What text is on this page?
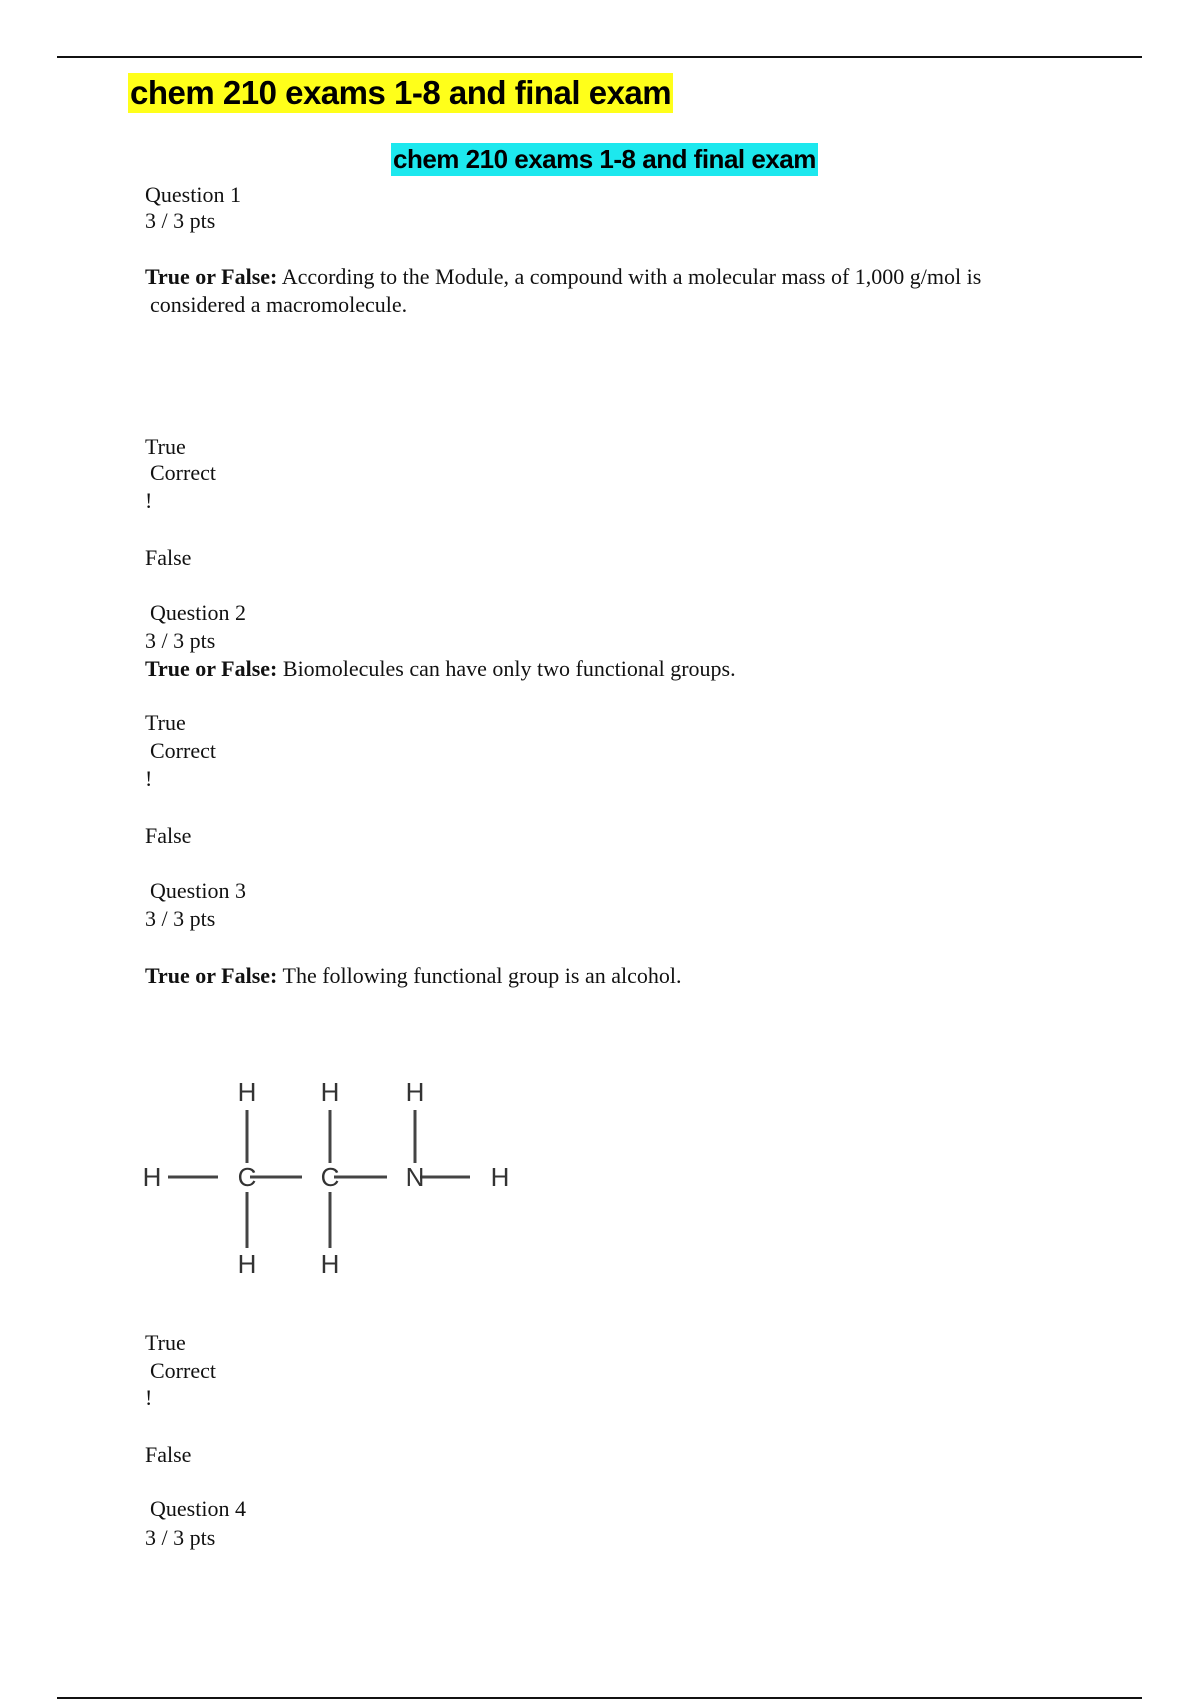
chem 210 exams 1-8 and final exam
chem 210 exams 1-8 and final exam
Question 1
3 / 3 pts
True or False: According to the Module, a compound with a molecular mass of 1,000 g/mol is
considered a macromolecule.
True
Correct
!
False
Question 2
3 / 3 pts
True or False: Biomolecules can have only two functional groups.
True
Correct
!
False
Question 3
3 / 3 pts
True or False: The following functional group is an alcohol.
H H	H
H	C C	N	H
H H
True
Correct
!
False
Question 4
3 / 3 pts
